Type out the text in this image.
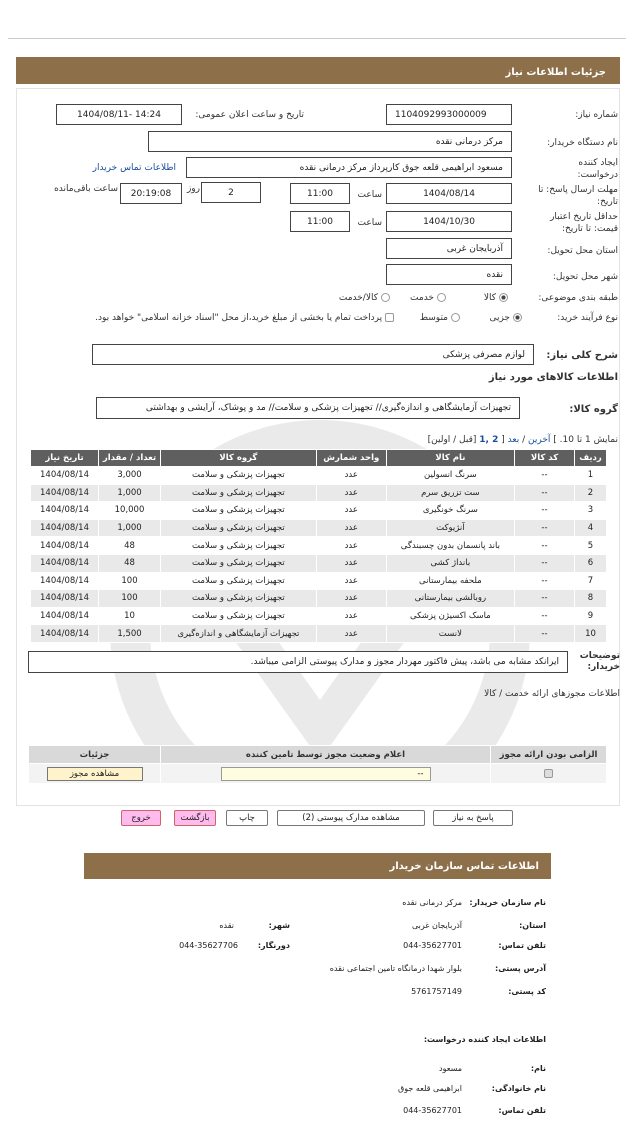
جزئیات اطلاعات نیاز
شماره نیاز:
1104092993000009
تاریخ و ساعت اعلان عمومی:
1404/08/11- 14:24
نام دستگاه خریدار:
مرکز درمانی نقده
ایجاد کننده درخواست:
مسعود ابراهیمی قلعه جوق کارپرداز مرکز درمانی نقده
اطلاعات تماس خریدار
مهلت ارسال پاسخ: تا تاریخ:
1404/08/14
ساعت
11:00
2
روز
20:19:08
ساعت باقی‌مانده
حداقل تاریخ اعتبار قیمت: تا تاریخ:
1404/10/30
ساعت
11:00
استان محل تحویل:
آذربایجان غربی
شهر محل تحویل:
نقده
طبقه بندی موضوعی:
کالا
خدمت
کالا/خدمت
نوع فرآیند خرید:
جزیی
متوسط
پرداخت تمام یا بخشی از مبلغ خرید،از محل "اسناد خزانه اسلامی" خواهد بود.
شرح کلی نیاز:
لوازم مصرفی پزشکی
اطلاعات کالاهای مورد نیاز
گروه کالا:
تجهیزات آزمایشگاهی و اندازه‌گیری// تجهیزات پزشکی و سلامت// مد و پوشاک، آرایشی و بهداشتی
نمایش 1 تا 10. ] آخرین / بعد [ 2 ,1 [قبل / اولین]
ردیف	کد کالا	نام کالا	واحد شمارش	گروه کالا	تعداد / مقدار	تاریخ نیاز
1	--	سرنگ انسولین	عدد	تجهیزات پزشکی و سلامت	3,000	1404/08/14
2	--	ست تزریق سرم	عدد	تجهیزات پزشکی و سلامت	1,000	1404/08/14
3	--	سرنگ خونگیری	عدد	تجهیزات پزشکی و سلامت	10,000	1404/08/14
4	--	آنژیوکت	عدد	تجهیزات پزشکی و سلامت	1,000	1404/08/14
5	--	باند پانسمان بدون چسبندگی	عدد	تجهیزات پزشکی و سلامت	48	1404/08/14
6	--	بانداژ کشی	عدد	تجهیزات پزشکی و سلامت	48	1404/08/14
7	--	ملحفه بیمارستانی	عدد	تجهیزات پزشکی و سلامت	100	1404/08/14
8	--	روبالشی بیمارستانی	عدد	تجهیزات پزشکی و سلامت	100	1404/08/14
9	--	ماسک اکسیژن پزشکی	عدد	تجهیزات پزشکی و سلامت	10	1404/08/14
10	--	لانست	عدد	تجهیزات آزمایشگاهی و اندازه‌گیری	1,500	1404/08/14
توضیحات خریدار:
ایرانکد مشابه می باشد، پیش فاکتور مهردار مجوز و مدارک پیوستی الزامی میباشد.
اطلاعات مجوزهای ارائه خدمت / کالا
الزامی بودن ارائه مجوز	اعلام وضعیت مجوز توسط تامین کننده	جزئیات

	--	مشاهده مجوز
پاسخ به نیاز
مشاهده مدارک پیوستی (2)
چاپ
بازگشت
خروج
اطلاعات تماس سازمان خریدار
نام سازمان خریدار:
مرکز درمانی نقده
استان:
آذربایجان غربی
شهر:
نقده
تلفن تماس:
044-35627701
دورنگار:
044-35627706
آدرس پستی:
بلوار شهدا درمانگاه تامین اجتماعی نقده
کد پستی:
5761757149
اطلاعات ایجاد کننده درخواست:
نام:
مسعود
نام خانوادگی:
ابراهیمی قلعه جوق
تلفن تماس:
044-35627701
